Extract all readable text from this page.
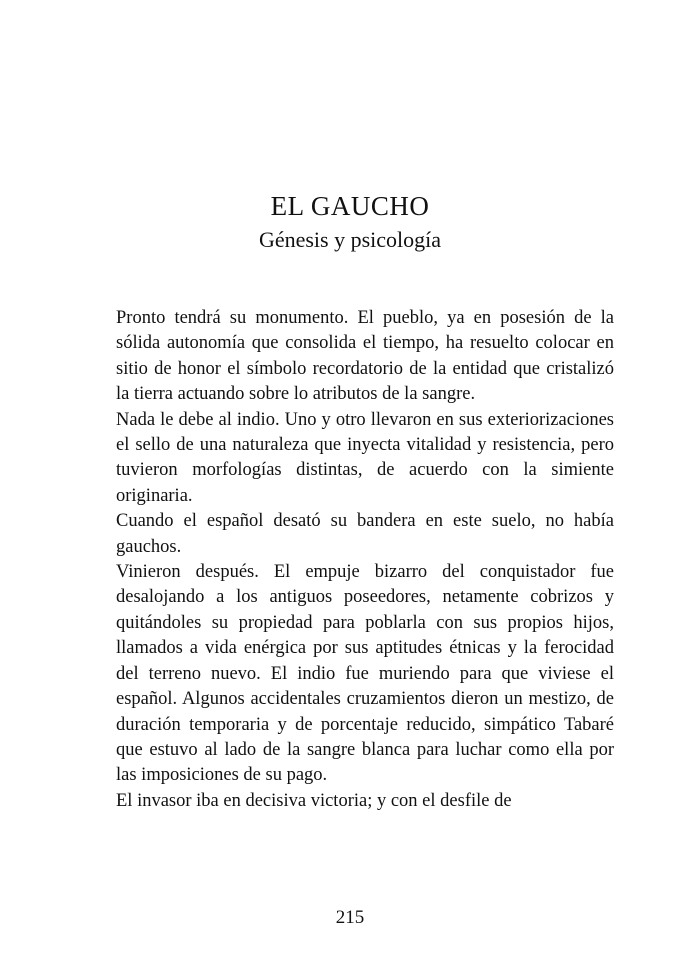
EL GAUCHO
Génesis y psicología

Pronto tendrá su monumento. El pueblo, ya en posesión de la sólida autonomía que consolida el tiempo, ha resuelto colocar en sitio de honor el símbolo recordatorio de la entidad que cristalizó la tierra actuando sobre lo atributos de la sangre.

Nada le debe al indio. Uno y otro llevaron en sus exteriorizaciones el sello de una naturaleza que inyecta vitalidad y resistencia, pero tuvieron morfologías distintas, de acuerdo con la simiente originaria.

Cuando el español desató su bandera en este suelo, no había gauchos.

Vinieron después. El empuje bizarro del conquistador fue desalojando a los antiguos poseedores, netamente cobrizos y quitándoles su propiedad para poblarla con sus propios hijos, llamados a vida enérgica por sus aptitudes étnicas y la ferocidad del terreno nuevo. El indio fue muriendo para que viviese el español. Algunos accidentales cruzamientos dieron un mestizo, de duración temporaria y de porcentaje reducido, simpático Tabaré que estuvo al lado de la sangre blanca para luchar como ella por las imposiciones de su pago.

El invasor iba en decisiva victoria; y con el desfile de

215
